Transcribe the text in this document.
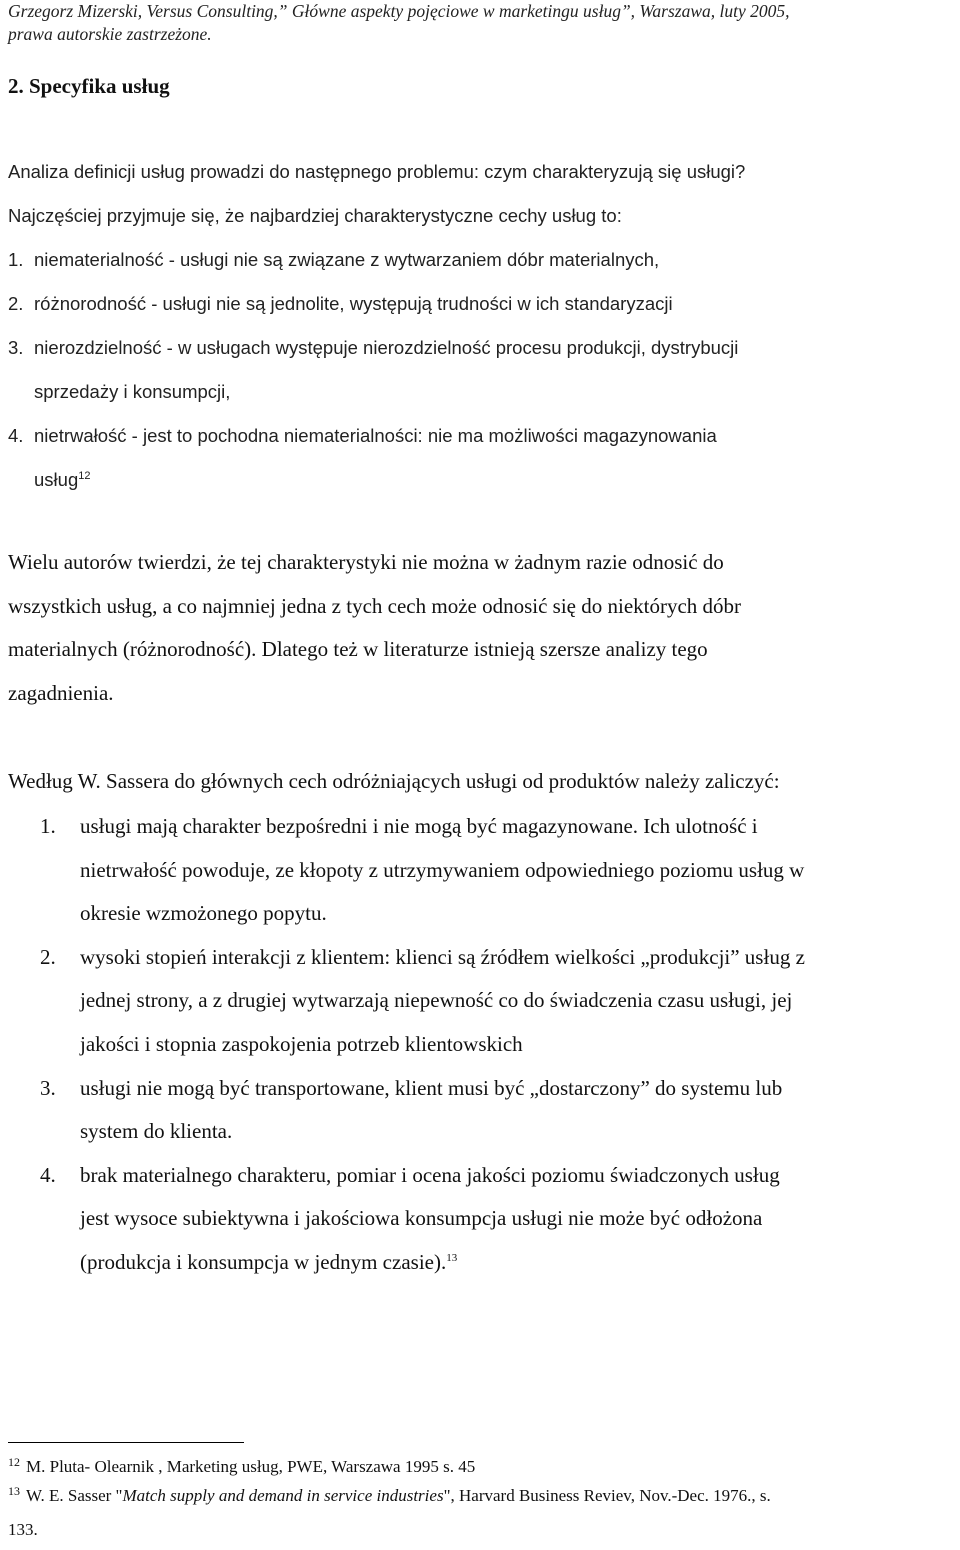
Grzegorz Mizerski, Versus Consulting,” Główne aspekty pojęciowe w marketingu usług”, Warszawa, luty 2005,
prawa autorskie zastrzeżone.
2. Specyfika usług
Analiza definicji usług prowadzi do następnego problemu: czym charakteryzują się usługi?
Najczęściej przyjmuje się, że najbardziej charakterystyczne cechy usług to:
1. niematerialność - usługi nie są związane z wytwarzaniem dóbr materialnych,
2. różnorodność - usługi nie są jednolite, występują trudności w ich standaryzacji
3. nierozdzielność - w usługach występuje nierozdzielność procesu produkcji, dystrybucji
sprzedaży i konsumpcji,
4. nietrwałość - jest to pochodna niematerialności: nie ma możliwości magazynowania
usług$^{12}$
Wielu autorów twierdzi, że tej charakterystyki nie można w żadnym razie odnosić do
wszystkich usług, a co najmniej jedna z tych cech może odnosić się do niektórych dóbr
materialnych (różnorodność). Dlatego też w literaturze istnieją szersze analizy tego
zagadnienia.
Według W. Sassera do głównych cech odróżniających usługi od produktów należy zaliczyć:
1.	usługi mają charakter bezpośredni i nie mogą być magazynowane. Ich ulotność i
nietrwałość powoduje, ze kłopoty z utrzymywaniem odpowiedniego poziomu usług w
okresie wzmożonego popytu.
2.	wysoki stopień interakcji z klientem: klienci są źródłem wielkości „produkcji” usług z
jednej strony, a z drugiej wytwarzają niepewność co do świadczenia czasu usługi, jej
jakości i stopnia zaspokojenia potrzeb klientowskich
3.	usługi nie mogą być transportowane, klient musi być „dostarczony” do systemu lub
system do klienta.
4.	brak materialnego charakteru, pomiar i ocena jakości poziomu świadczonych usług
jest wysoce subiektywna i jakościowa konsumpcja usługi nie może być odłożona
(produkcja i konsumpcja w jednym czasie).$^{13}$
$^{12}$ M. Pluta- Olearnik , Marketing usług, PWE, Warszawa 1995 s. 45
$^{13}$ W. E. Sasser "Match supply and demand in service industries", Harvard Business Reviev, Nov.-Dec. 1976., s.
133.
